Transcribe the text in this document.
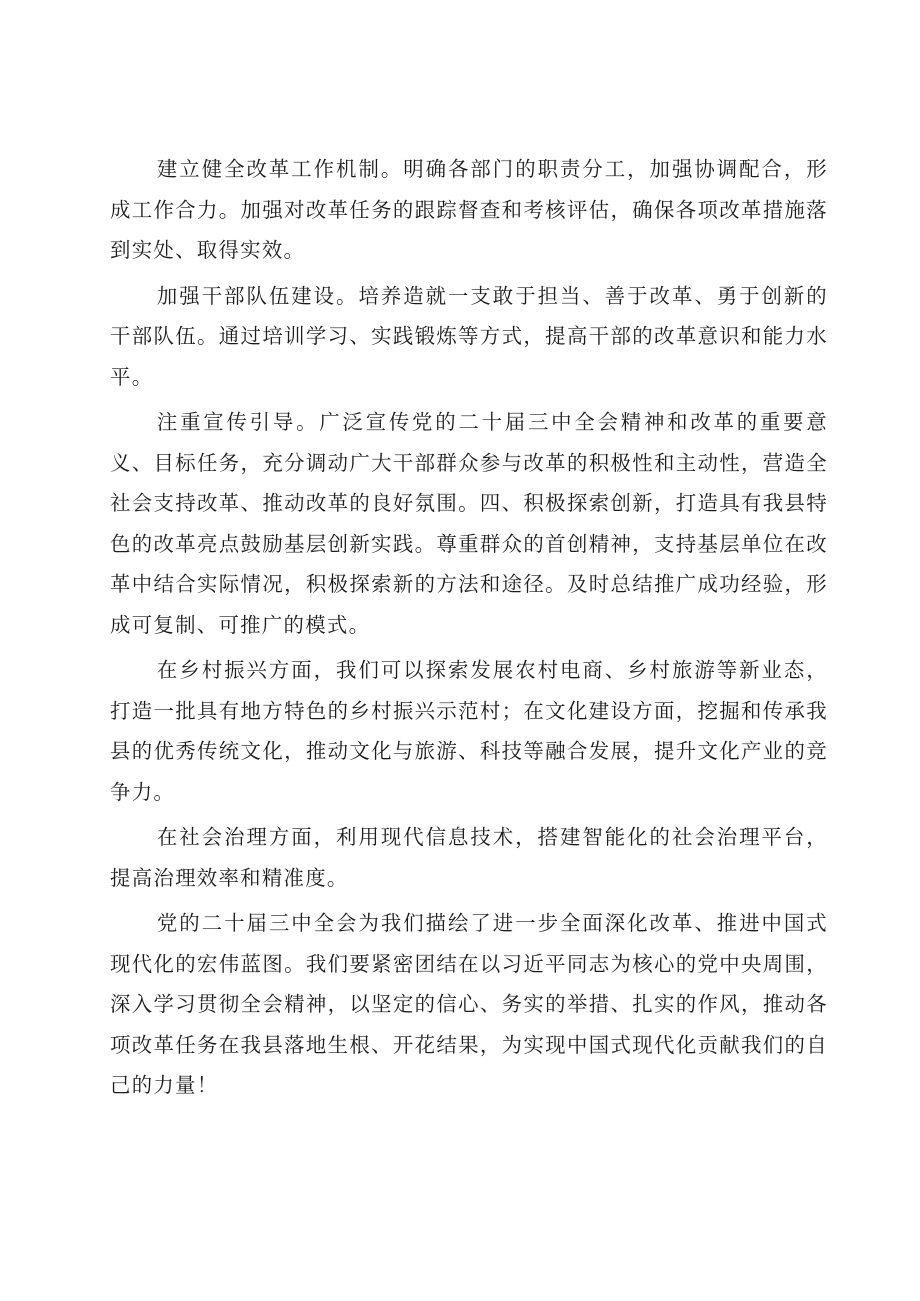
建立健全改革工作机制。明确各部门的职责分工，加强协调配合，形成工作合力。加强对改革任务的跟踪督查和考核评估，确保各项改革措施落到实处、取得实效。

加强干部队伍建设。培养造就一支敢于担当、善于改革、勇于创新的干部队伍。通过培训学习、实践锻炼等方式，提高干部的改革意识和能力水平。

注重宣传引导。广泛宣传党的二十届三中全会精神和改革的重要意义、目标任务，充分调动广大干部群众参与改革的积极性和主动性，营造全社会支持改革、推动改革的良好氛围。四、积极探索创新，打造具有我县特色的改革亮点鼓励基层创新实践。尊重群众的首创精神，支持基层单位在改革中结合实际情况，积极探索新的方法和途径。及时总结推广成功经验，形成可复制、可推广的模式。

在乡村振兴方面，我们可以探索发展农村电商、乡村旅游等新业态，打造一批具有地方特色的乡村振兴示范村；在文化建设方面，挖掘和传承我县的优秀传统文化，推动文化与旅游、科技等融合发展，提升文化产业的竞争力。

在社会治理方面，利用现代信息技术，搭建智能化的社会治理平台，提高治理效率和精准度。

党的二十届三中全会为我们描绘了进一步全面深化改革、推进中国式现代化的宏伟蓝图。我们要紧密团结在以习近平同志为核心的党中央周围，深入学习贯彻全会精神，以坚定的信心、务实的举措、扎实的作风，推动各项改革任务在我县落地生根、开花结果，为实现中国式现代化贡献我们的自己的力量！
